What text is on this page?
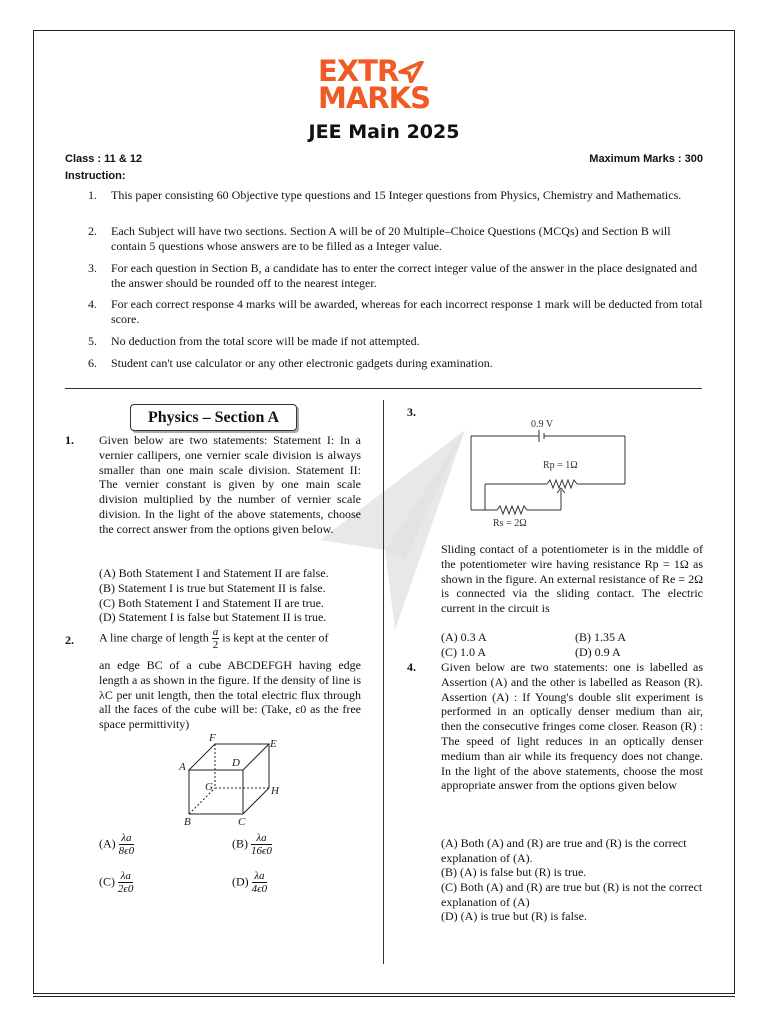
EXTR
MARKS
JEE Main 2025
Class : 11 & 12	Maximum Marks : 300
Instruction:
1. This paper consisting 60 Objective type questions and 15 Integer questions from Physics, Chemistry and Mathematics.
2. Each Subject will have two sections. Section A will be of 20 Multiple–Choice Questions (MCQs) and Section B will contain 5 questions whose answers are to be filled as a Integer value.
3. For each question in Section B, a candidate has to enter the correct integer value of the answer in the place designated and the answer should be rounded off to the nearest integer.
4. For each correct response 4 marks will be awarded, whereas for each incorrect response 1 mark will be deducted from total score.
5. No deduction from the total score will be made if not attempted.
6. Student can't use calculator or any other electronic gadgets during examination.
Physics – Section A
1. Given below are two statements: Statement I: In a vernier callipers, one vernier scale division is always smaller than one main scale division. Statement II: The vernier constant is given by one main scale division multiplied by the number of vernier scale division. In the light of the above statements, choose the correct answer from the options given below.
(A) Both Statement I and Statement II are false.
(B) Statement I is true but Statement II is false.
(C) Both Statement I and Statement II are true.
(D) Statement I is false but Statement II is true.
2. A line charge of length $\frac{a}{2}$ is kept at the center of
an edge BC of a cube ABCDEFGH having edge length a as shown in the figure. If the density of line is λC per unit length, then the total electric flux through all the faces of the cube will be: (Take, ε0 as the free space permittivity)
F	E
A	D
G	H
B	C
$(A) \frac{\lambda a}{8\epsilon 0}$	$(B) \frac{\lambda a}{16\epsilon 0}$
$(C) \frac{\lambda a}{2\epsilon 0}$	$(D) \frac{\lambda a}{4\epsilon 0}$
3.
0.9 V
Rp = 1Ω
Rs = 2Ω
Sliding contact of a potentiometer is in the middle of the potentiometer wire having resistance Rp = 1Ω as shown in the figure. An external resistance of Re = 2Ω is connected via the sliding contact. The electric current in the circuit is
(A) 0.3 A	(B) 1.35 A
(C) 1.0 A	(D) 0.9 A
4. Given below are two statements: one is labelled as Assertion (A) and the other is labelled as Reason (R). Assertion (A) : If Young's double slit experiment is performed in an optically denser medium than air, then the consecutive fringes come closer. Reason (R) : The speed of light reduces in an optically denser medium than air while its frequency does not change. In the light of the above statements, choose the most appropriate answer from the options given below
(A) Both (A) and (R) are true and (R) is the correct explanation of (A).
(B) (A) is false but (R) is true.
(C) Both (A) and (R) are true but (R) is not the correct explanation of (A)
(D) (A) is true but (R) is false.
